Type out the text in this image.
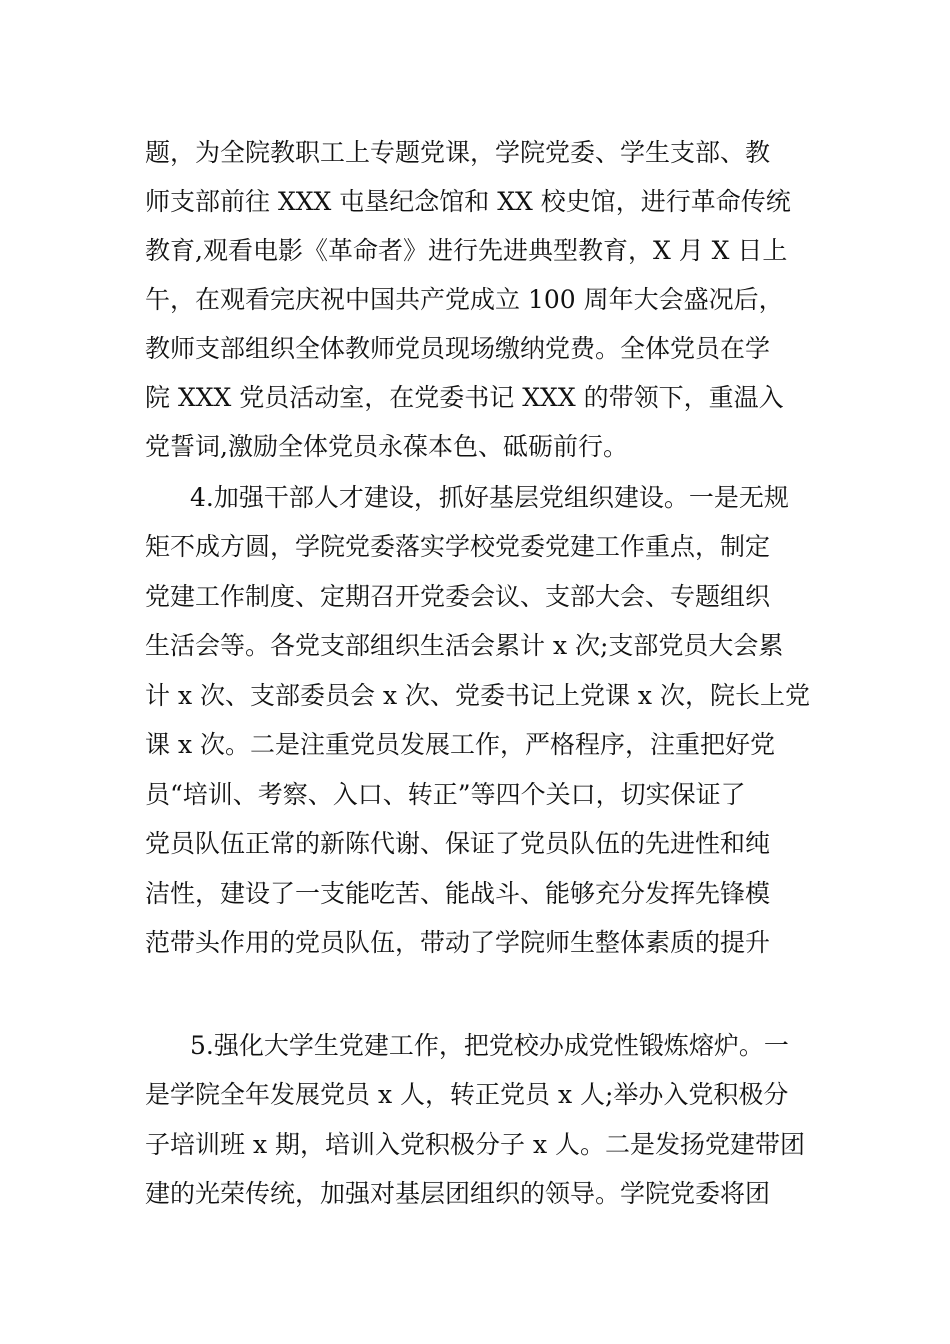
题，为全院教职工上专题党课，学院党委、学生支部、教
师支部前往 XXX 屯垦纪念馆和 XX 校史馆，进行革命传统
教育,观看电影《革命者》进行先进典型教育，X 月 X 日上
午，在观看完庆祝中国共产党成立 100 周年大会盛况后，
教师支部组织全体教师党员现场缴纳党费。全体党员在学
院 XXX 党员活动室，在党委书记 XXX 的带领下，重温入
党誓词,激励全体党员永葆本色、砥砺前行。
4.加强干部人才建设，抓好基层党组织建设。一是无规
矩不成方圆，学院党委落实学校党委党建工作重点，制定
党建工作制度、定期召开党委会议、支部大会、专题组织
生活会等。各党支部组织生活会累计 x 次;支部党员大会累
计 x 次、支部委员会 x 次、党委书记上党课 x 次，院长上党
课 x 次。二是注重党员发展工作，严格程序，注重把好党
员“培训、考察、入口、转正”等四个关口，切实保证了
党员队伍正常的新陈代谢、保证了党员队伍的先进性和纯
洁性，建设了一支能吃苦、能战斗、能够充分发挥先锋模
范带头作用的党员队伍，带动了学院师生整体素质的提升
5.强化大学生党建工作，把党校办成党性锻炼熔炉。一
是学院全年发展党员 x 人，转正党员 x 人;举办入党积极分
子培训班 x 期，培训入党积极分子 x 人。二是发扬党建带团
建的光荣传统，加强对基层团组织的领导。学院党委将团
